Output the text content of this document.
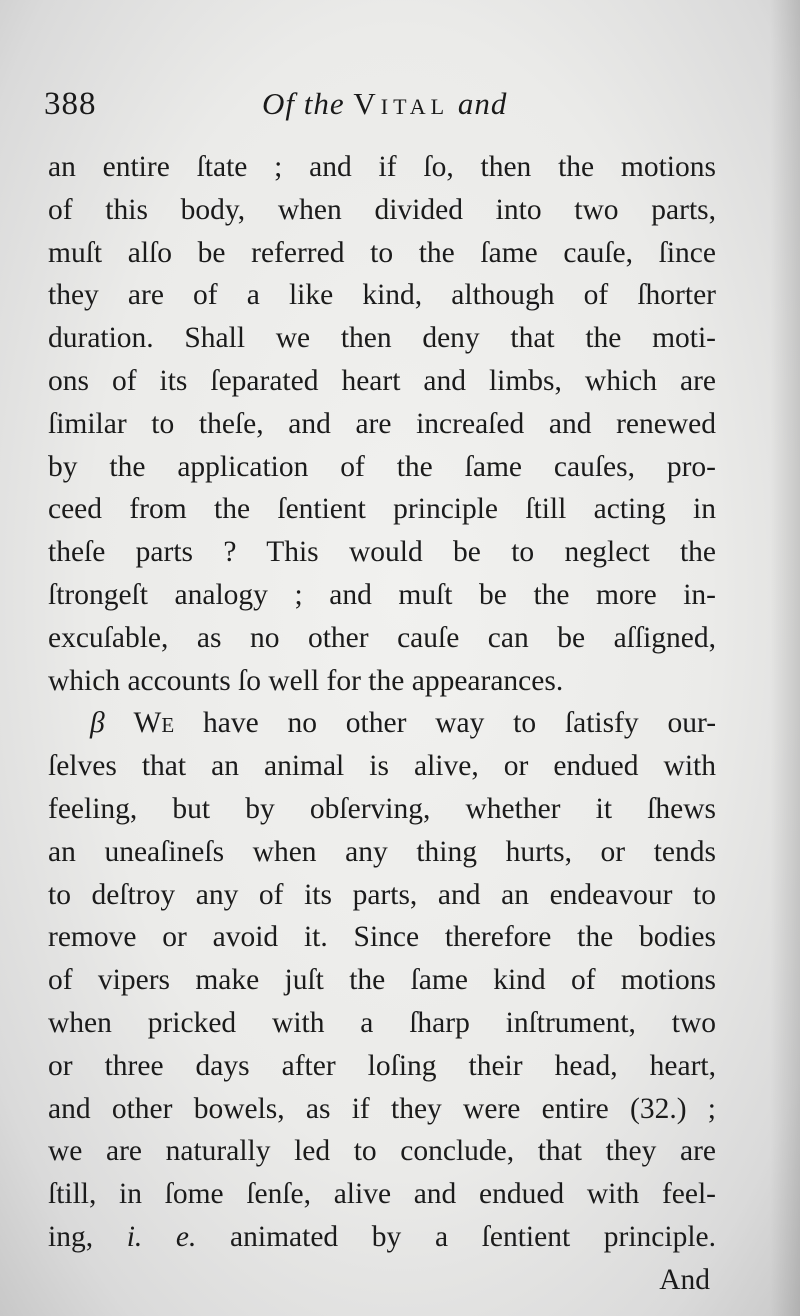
388	Of the Vital and
an entire ſtate ; and if ſo, then the motions
of this body, when divided into two parts,
muſt alſo be referred to the ſame cauſe, ſince
they are of a like kind, although of ſhorter
duration. Shall we then deny that the moti-
ons of its ſeparated heart and limbs, which are
ſimilar to theſe, and are increaſed and renewed
by the application of the ſame cauſes, pro-
ceed from the ſentient principle ſtill acting in
theſe parts ? This would be to neglect the
ſtrongeſt analogy ; and muſt be the more in-
excuſable, as no other cauſe can be aſſigned,
which accounts ſo well for the appearances.
β We have no other way to ſatisfy our-
ſelves that an animal is alive, or endued with
feeling, but by obſerving, whether it ſhews
an uneaſineſs when any thing hurts, or tends
to deſtroy any of its parts, and an endeavour to
remove or avoid it. Since therefore the bodies
of vipers make juſt the ſame kind of motions
when pricked with a ſharp inſtrument, two
or three days after loſing their head, heart,
and other bowels, as if they were entire (32.) ;
we are naturally led to conclude, that they are
ſtill, in ſome ſenſe, alive and endued with feel-
ing, i. e. animated by a ſentient principle.
And
